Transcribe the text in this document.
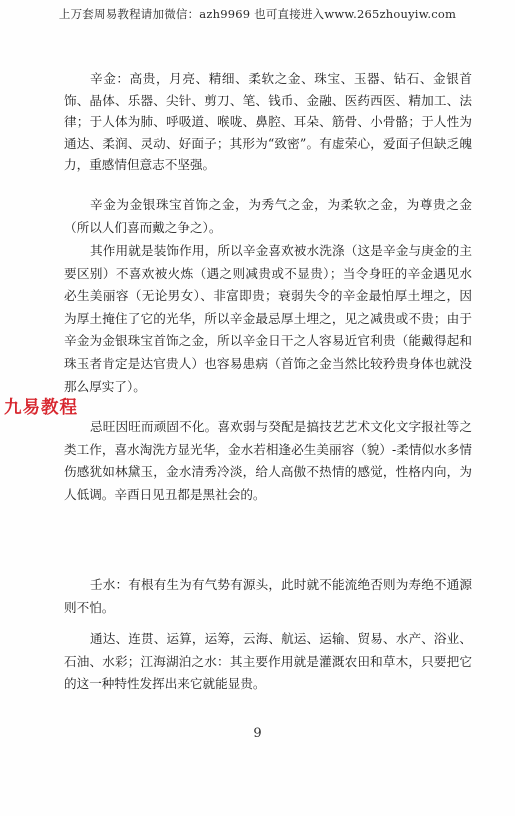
上万套周易教程请加微信：azh9969 也可直接进入www.265zhouyiw.com

辛金：高贵，月亮、精细、柔软之金、珠宝、玉器、钻石、金银首饰、晶体、乐器、尖针、剪刀、笔、钱币、金融、医药西医、精加工、法律；于人体为肺、呼吸道、喉咙、鼻腔、耳朵、筋骨、小骨骼；于人性为通达、柔润、灵动、好面子；其形为“致密”。有虚荣心，爱面子但缺乏魄力，重感情但意志不坚强。

辛金为金银珠宝首饰之金，为秀气之金，为柔软之金，为尊贵之金（所以人们喜而戴之争之）。

其作用就是装饰作用，所以辛金喜欢被水洗涤（这是辛金与庚金的主要区别）不喜欢被火炼（遇之则减贵或不显贵）；当令身旺的辛金遇见水必生美丽容（无论男女）、非富即贵；衰弱失令的辛金最怕厚土埋之，因为厚土掩住了它的光华，所以辛金最忌厚土埋之，见之减贵或不贵；由于辛金为金银珠宝首饰之金，所以辛金日干之人容易近官利贵（能戴得起和珠玉者肯定是达官贵人）也容易患病（首饰之金当然比较矜贵身体也就没那么厚实了）。

忌旺因旺而顽固不化。喜欢弱与癸配是搞技艺艺术文化文字报社等之类工作，喜水淘洗方显光华，金水若相逢必生美丽容（貌）-柔情似水多情伤感犹如林黛玉，金水清秀冷淡，给人高傲不热情的感觉，性格内向，为人低调。辛酉日见丑都是黑社会的。

壬水：有根有生为有气势有源头，此时就不能流绝否则为寿绝不通源则不怕。

通达、连贯、运算，运筹，云海、航运、运输、贸易、水产、浴业、石油、水彩；江海湖泊之水：其主要作用就是灌溉农田和草木，只要把它的这一种特性发挥出来它就能显贵。

九易教程
9
